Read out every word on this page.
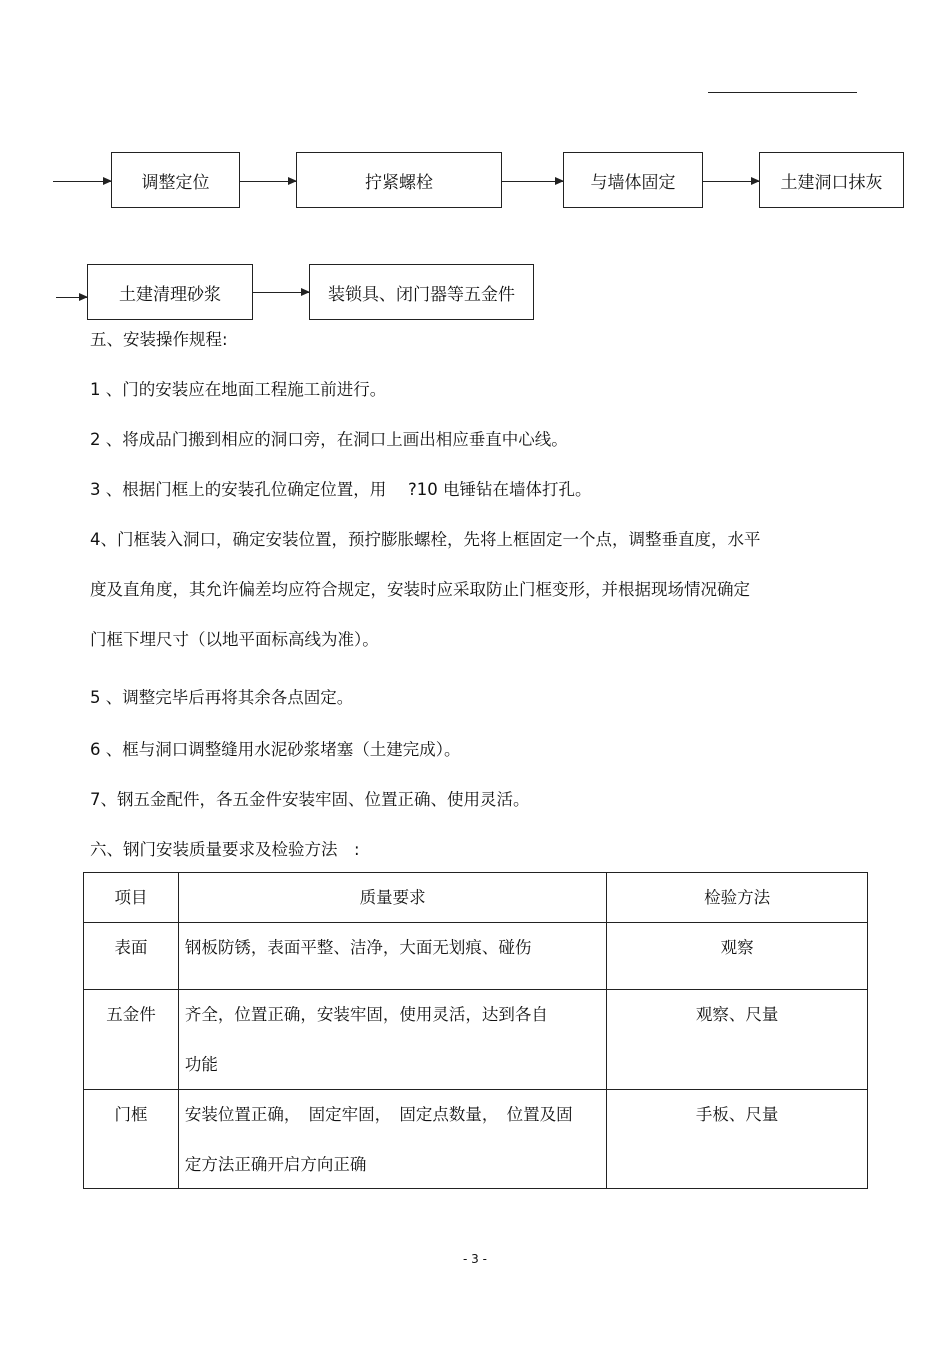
调整定位	拧紧螺栓	与墙体固定	土建洞口抹灰
土建清理砂浆	装锁具、闭门器等五金件
五、安装操作规程:
1 、门的安装应在地面工程施工前进行。
2 、将成品门搬到相应的洞口旁，在洞口上画出相应垂直中心线。
3 、根据门框上的安装孔位确定位置，用　 ?10 电锤钻在墙体打孔。
4、门框装入洞口，确定安装位置，预拧膨胀螺栓，先将上框固定一个点，调整垂直度，水平
度及直角度，其允许偏差均应符合规定，安装时应采取防止门框变形，并根据现场情况确定
门框下埋尺寸（以地平面标高线为准）。
5 、调整完毕后再将其余各点固定。
6 、框与洞口调整缝用水泥砂浆堵塞（土建完成）。
7、钢五金配件，各五金件安装牢固、位置正确、使用灵活。
六、钢门安装质量要求及检验方法　:
项目	质量要求	检验方法

表面	钢板防锈，表面平整、洁净，大面无划痕、碰伤	观察

五金件	齐全，位置正确，安装牢固，使用灵活，达到各自
功能	观察、尺量

门框	安装位置正确，　固定牢固，　固定点数量，　位置及固
定方法正确开启方向正确	手板、尺量
- 3 -
